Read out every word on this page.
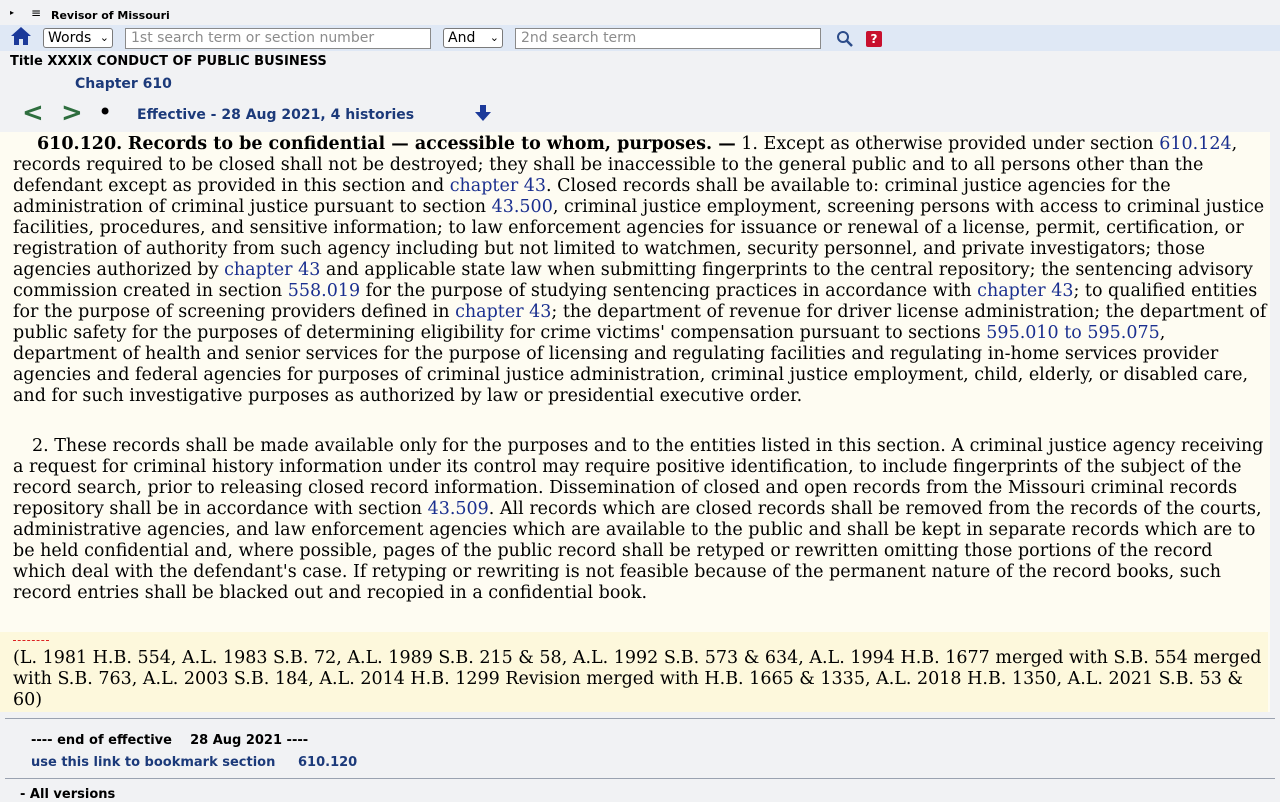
▸ ≡ Revisor of Missouri
Words ⌄	1st search term or section number	And ⌄	2nd search term	?
Title XXXIX CONDUCT OF PUBLIC BUSINESS
Chapter 610
< > • Effective - 28 Aug 2021, 4 histories

610.120. Records to be confidential — accessible to whom, purposes. — 1. Except as otherwise provided under section 610.124, records required to be closed shall not be destroyed; they shall be inaccessible to the general public and to all persons other than the defendant except as provided in this section and chapter 43. Closed records shall be available to: criminal justice agencies for the administration of criminal justice pursuant to section 43.500, criminal justice employment, screening persons with access to criminal justice facilities, procedures, and sensitive information; to law enforcement agencies for issuance or renewal of a license, permit, certification, or registration of authority from such agency including but not limited to watchmen, security personnel, and private investigators; those agencies authorized by chapter 43 and applicable state law when submitting fingerprints to the central repository; the sentencing advisory commission created in section 558.019 for the purpose of studying sentencing practices in accordance with chapter 43; to qualified entities for the purpose of screening providers defined in chapter 43; the department of revenue for driver license administration; the department of public safety for the purposes of determining eligibility for crime victims' compensation pursuant to sections 595.010 to 595.075, department of health and senior services for the purpose of licensing and regulating facilities and regulating in-home services provider agencies and federal agencies for purposes of criminal justice administration, criminal justice employment, child, elderly, or disabled care, and for such investigative purposes as authorized by law or presidential executive order.

2. These records shall be made available only for the purposes and to the entities listed in this section. A criminal justice agency receiving a request for criminal history information under its control may require positive identification, to include fingerprints of the subject of the record search, prior to releasing closed record information. Dissemination of closed and open records from the Missouri criminal records repository shall be in accordance with section 43.509. All records which are closed records shall be removed from the records of the courts, administrative agencies, and law enforcement agencies which are available to the public and shall be kept in separate records which are to be held confidential and, where possible, pages of the public record shall be retyped or rewritten omitting those portions of the record which deal with the defendant's case. If retyping or rewriting is not feasible because of the permanent nature of the record books, such record entries shall be blacked out and recopied in a confidential book.

(L. 1981 H.B. 554, A.L. 1983 S.B. 72, A.L. 1989 S.B. 215 & 58, A.L. 1992 S.B. 573 & 634, A.L. 1994 H.B. 1677 merged with S.B. 554 merged with S.B. 763, A.L. 2003 S.B. 184, A.L. 2014 H.B. 1299 Revision merged with H.B. 1665 & 1335, A.L. 2018 H.B. 1350, A.L. 2021 S.B. 53 & 60)
---- end of effective 28 Aug 2021 ----
use this link to bookmark section 610.120
- All versions
